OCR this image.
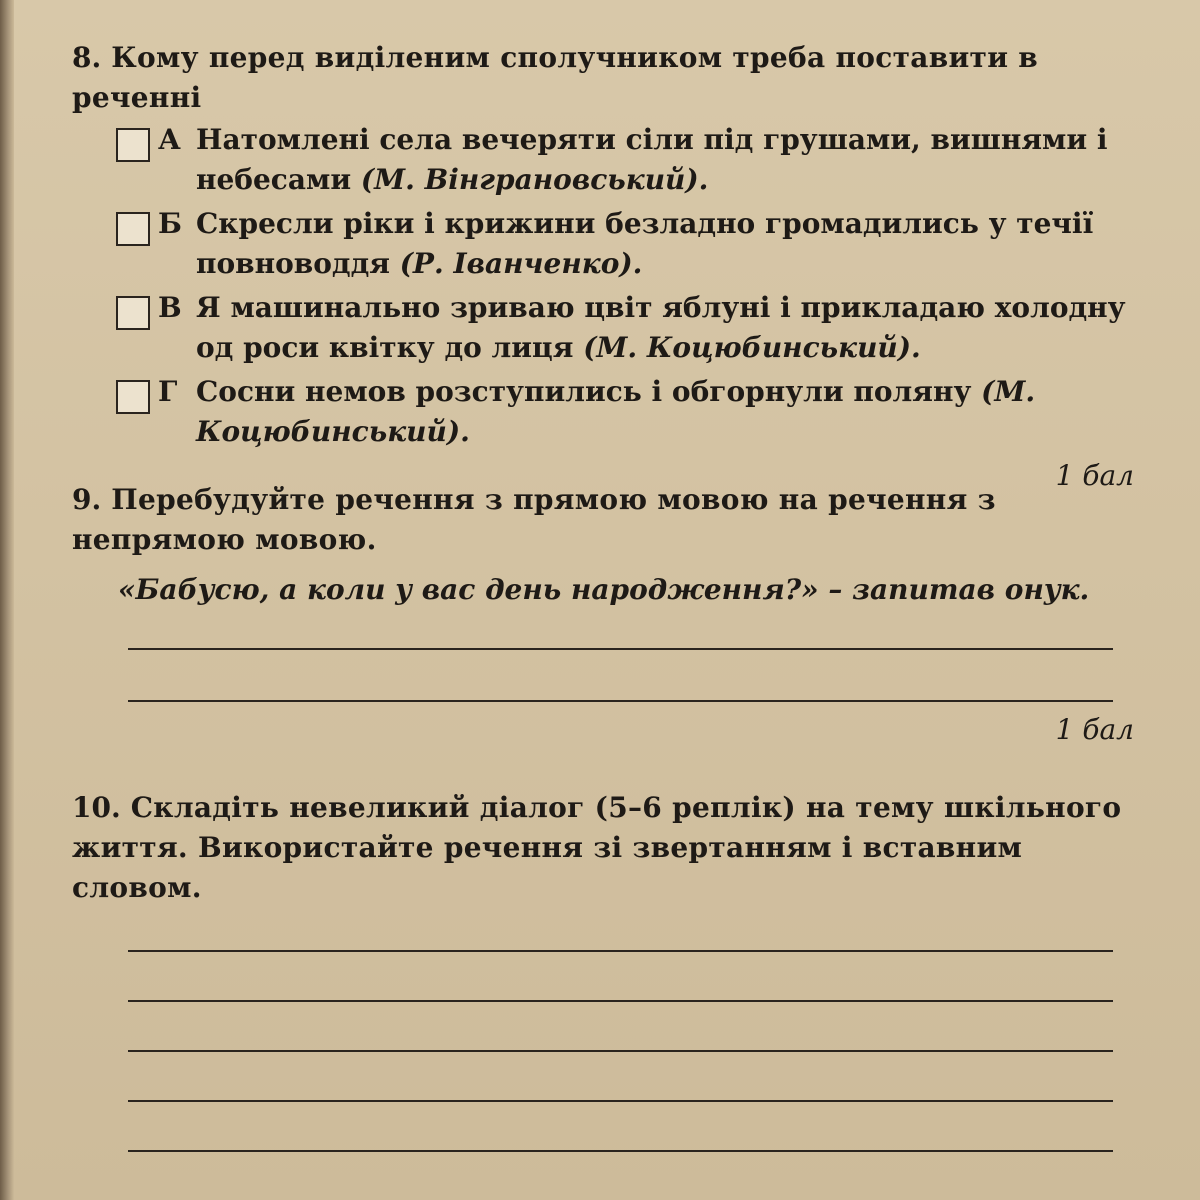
8. Кому перед виділеним сполучником треба поставити в реченні
А Натомлені села вечеряти сіли під грушами, вишнями і небесами (М. Вінграновський).
Б Скресли ріки і крижини безладно громадились у течії повноводдя (Р. Іванченко).
В Я машинально зриваю цвіт яблуні і прикладаю холодну од роси квітку до лиця (М. Коцюбинський).
Г Сосни немов розступились і обгорнули поляну (М. Коцюбинський).
1 бал
9. Перебудуйте речення з прямою мовою на речення з непрямою мовою.
«Бабусю, а коли у вас день народження?» – запитав онук.
1 бал
10. Складіть невеликий діалог (5–6 реплік) на тему шкільного життя. Використайте речення зі звертанням і вставним словом.
